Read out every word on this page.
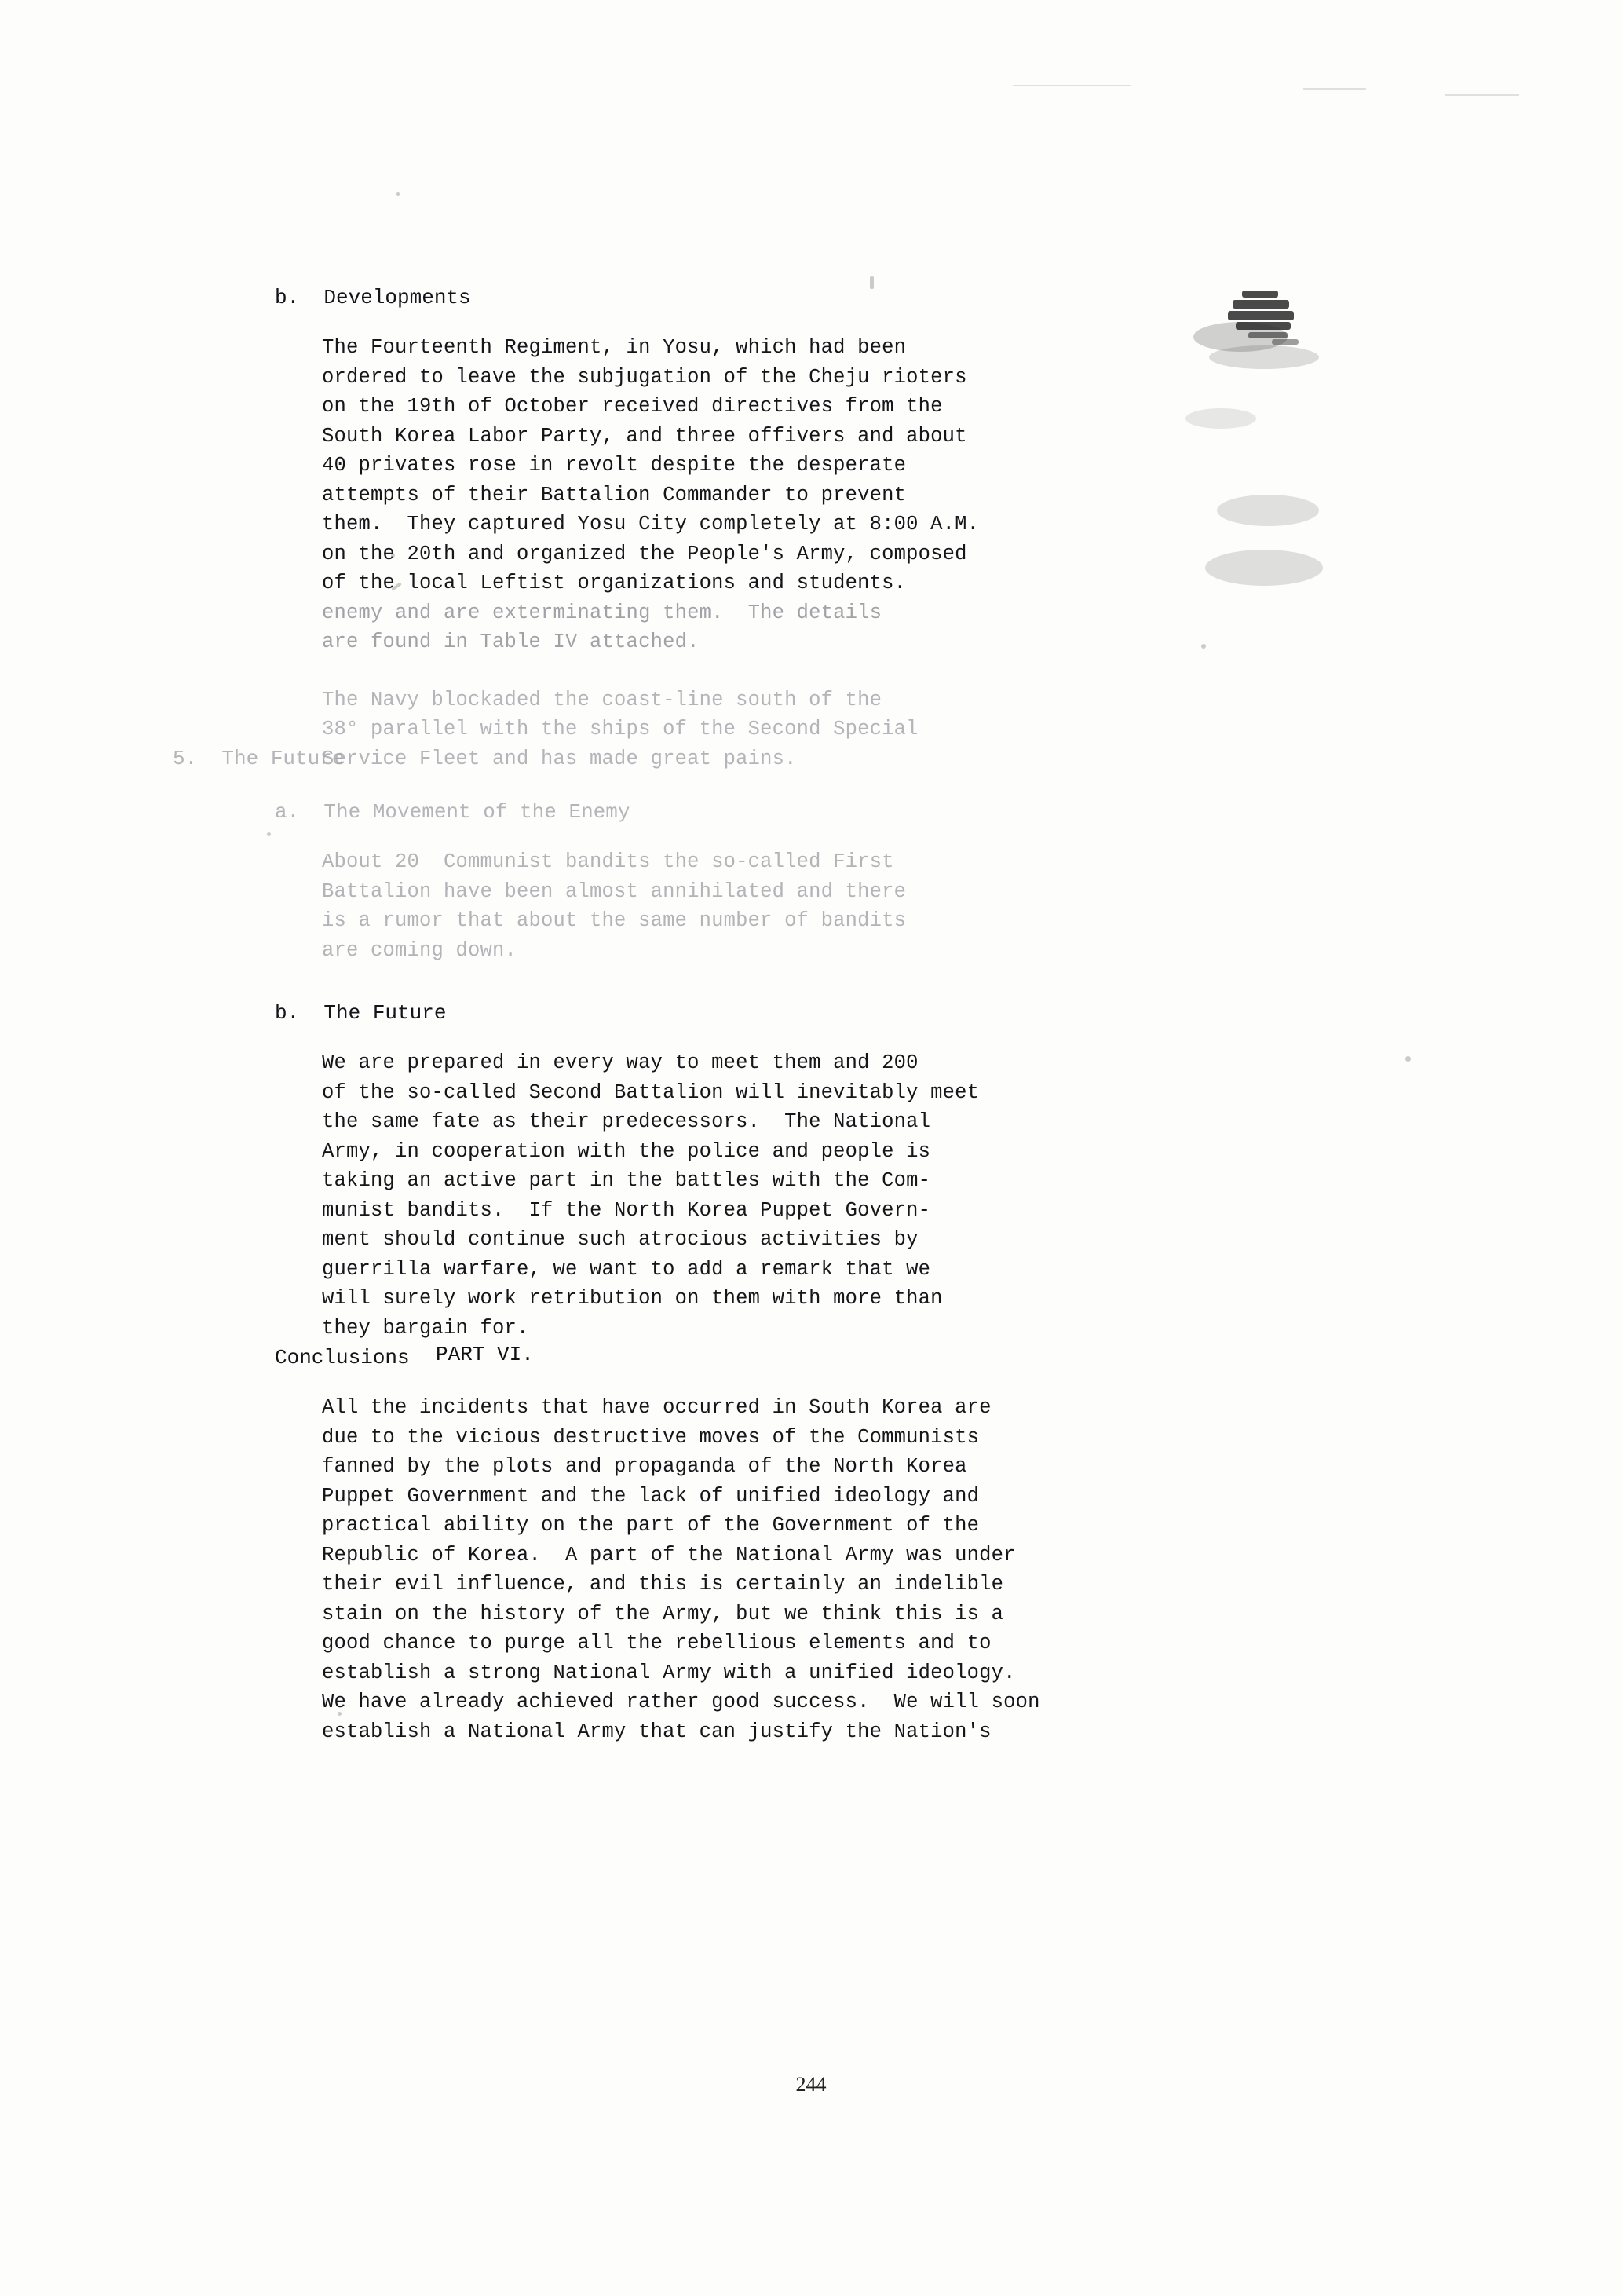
b.  Developments
The Fourteenth Regiment, in Yosu, which had been
ordered to leave the subjugation of the Cheju rioters
on the 19th of October received directives from the
South Korea Labor Party, and three offivers and about
40 privates rose in revolt despite the desperate
attempts of their Battalion Commander to prevent
them.  They captured Yosu City completely at 8:00 A.M.
on the 20th and organized the People's Army, composed
of the local Leftist organizations and students.
enemy and are exterminating them.  The details
are found in Table IV attached.
The Navy blockaded the coast-line south of the
38° parallel with the ships of the Second Special
Service Fleet and has made great pains.
5.  The Future
a.  The Movement of the Enemy
About 20  Communist bandits the so-called First
Battalion have been almost annihilated and there
is a rumor that about the same number of bandits
are coming down.
b.  The Future
We are prepared in every way to meet them and 200
of the so-called Second Battalion will inevitably meet
the same fate as their predecessors.  The National
Army, in cooperation with the police and people is
taking an active part in the battles with the Com-
munist bandits.  If the North Korea Puppet Govern-
ment should continue such atrocious activities by
guerrilla warfare, we want to add a remark that we
will surely work retribution on them with more than
they bargain for.
PART VI.
Conclusions
All the incidents that have occurred in South Korea are
due to the vicious destructive moves of the Communists
fanned by the plots and propaganda of the North Korea
Puppet Government and the lack of unified ideology and
practical ability on the part of the Government of the
Republic of Korea.  A part of the National Army was under
their evil influence, and this is certainly an indelible
stain on the history of the Army, but we think this is a
good chance to purge all the rebellious elements and to
establish a strong National Army with a unified ideology.
We have already achieved rather good success.  We will soon
establish a National Army that can justify the Nation's
244
